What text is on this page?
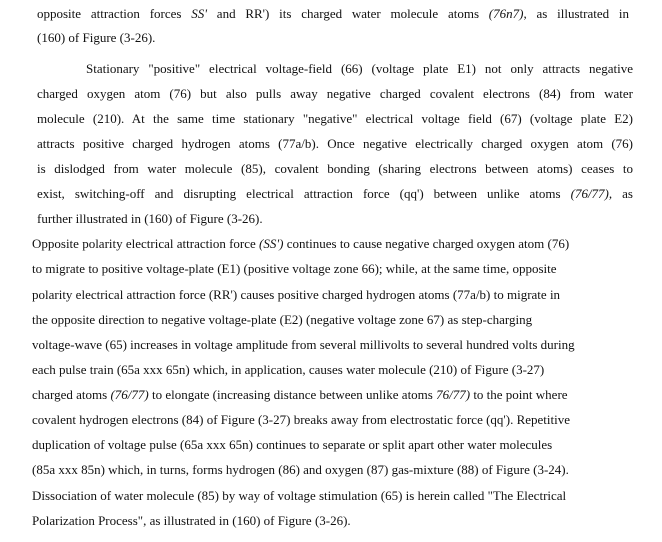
opposite attraction forces SS' and RR') its charged water molecule atoms (76n7), as illustrated in
(160) of Figure (3-26).
Stationary "positive" electrical voltage-field (66) (voltage plate E1) not only attracts negative
charged oxygen atom (76) but also pulls away negative charged covalent electrons (84) from water
molecule (210). At the same time stationary "negative" electrical voltage field (67) (voltage plate E2)
attracts positive charged hydrogen atoms (77a/b). Once negative electrically charged oxygen atom (76)
is dislodged from water molecule (85), covalent bonding (sharing electrons between atoms) ceases to
exist, switching-off and disrupting electrical attraction force (qq') between unlike atoms (76/77), as
further illustrated in (160) of Figure (3-26).
Opposite polarity electrical attraction force (SS') continues to cause negative charged oxygen atom (76)
to migrate to positive voltage-plate (E1) (positive voltage zone 66); while, at the same time, opposite
polarity electrical attraction force (RR') causes positive charged hydrogen atoms (77a/b) to migrate in
the opposite direction to negative voltage-plate (E2) (negative voltage zone 67) as step-charging
voltage-wave (65) increases in voltage amplitude from several millivolts to several hundred volts during
each pulse train (65a xxx 65n) which, in application, causes water molecule (210) of Figure (3-27)
charged atoms (76/77) to elongate (increasing distance between unlike atoms 76/77) to the point where
covalent hydrogen electrons (84) of Figure (3-27) breaks away from electrostatic force (qq'). Repetitive
duplication of voltage pulse (65a xxx 65n) continues to separate or split apart other water molecules
(85a xxx 85n) which, in turns, forms hydrogen (86) and oxygen (87) gas-mixture (88) of Figure (3-24).
Dissociation of water molecule (85) by way of voltage stimulation (65) is herein called "The Electrical
Polarization Process", as illustrated in (160) of Figure (3-26).
